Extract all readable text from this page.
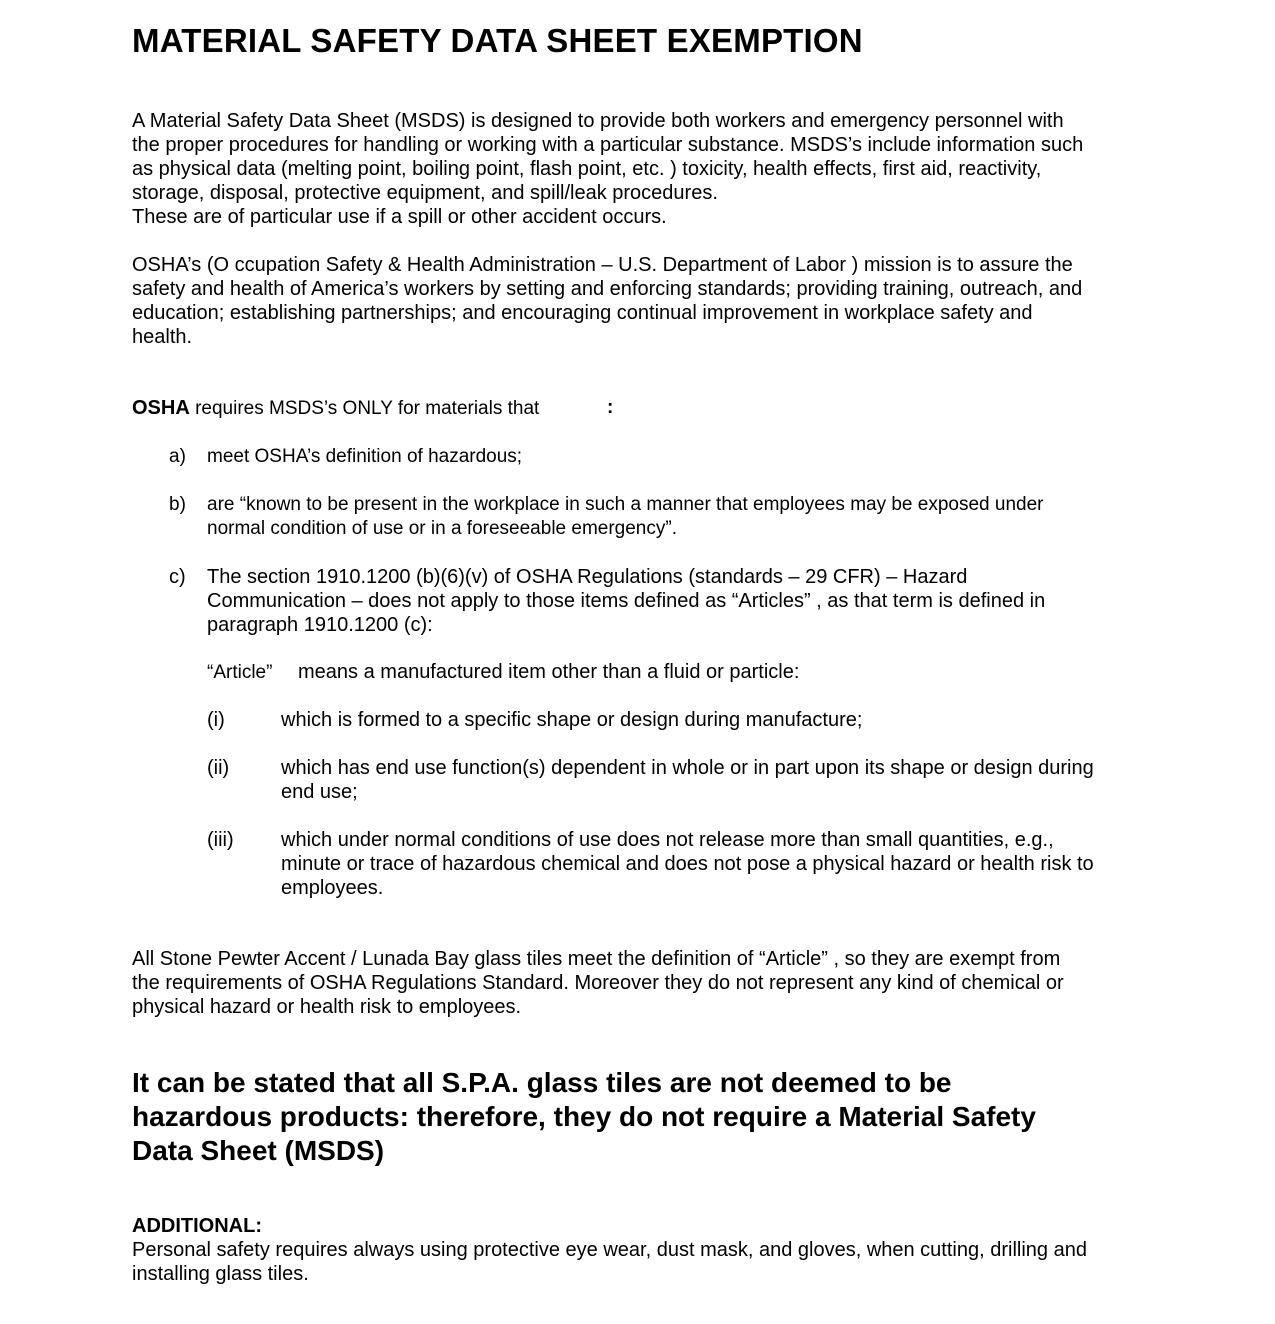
MATERIAL SAFETY DATA SHEET EXEMPTION

A Material Safety Data Sheet (MSDS) is designed to provide both workers and emergency personnel with
the proper procedures for handling or working with a particular substance. MSDS’s include information such
as physical data (melting point, boiling point, flash point, etc. ) toxicity, health effects, first aid, reactivity,
storage, disposal, protective equipment, and spill/leak procedures.
These are of particular use if a spill or other accident occurs.

OSHA’s (O ccupation Safety & Health Administration – U.S. Department of Labor ) mission is to assure the
safety and health of America’s workers by setting and enforcing standards; providing training, outreach, and
education; establishing partnerships; and encouraging continual improvement in workplace safety and
health.

OSHA requires MSDS’s ONLY for materials that	:
a) meet OSHA’s definition of hazardous;
b) are “known to be present in the workplace in such a manner that employees may be exposed under
normal condition of use or in a foreseeable emergency”.
c) The section 1910.1200 (b)(6)(v) of OSHA Regulations (standards – 29 CFR) – Hazard
Communication – does not apply to those items defined as “Articles” , as that term is defined in
paragraph 1910.1200 (c):
“Article” means a manufactured item other than a fluid or particle:
(i)	which is formed to a specific shape or design during manufacture;
(ii)	which has end use function(s) dependent in whole or in part upon its shape or design during
end use;
(iii) which under normal conditions of use does not release more than small quantities, e.g.,
minute or trace of hazardous chemical and does not pose a physical hazard or health risk to
employees.

All Stone Pewter Accent / Lunada Bay glass tiles meet the definition of “Article” , so they are exempt from
the requirements of OSHA Regulations Standard. Moreover they do not represent any kind of chemical or
physical hazard or health risk to employees.

It can be stated that all S.P.A. glass tiles are not deemed to be
hazardous products: therefore, they do not require a Material Safety
Data Sheet (MSDS)
ADDITIONAL:

Personal safety requires always using protective eye wear, dust mask, and gloves, when cutting, drilling and
installing glass tiles.
